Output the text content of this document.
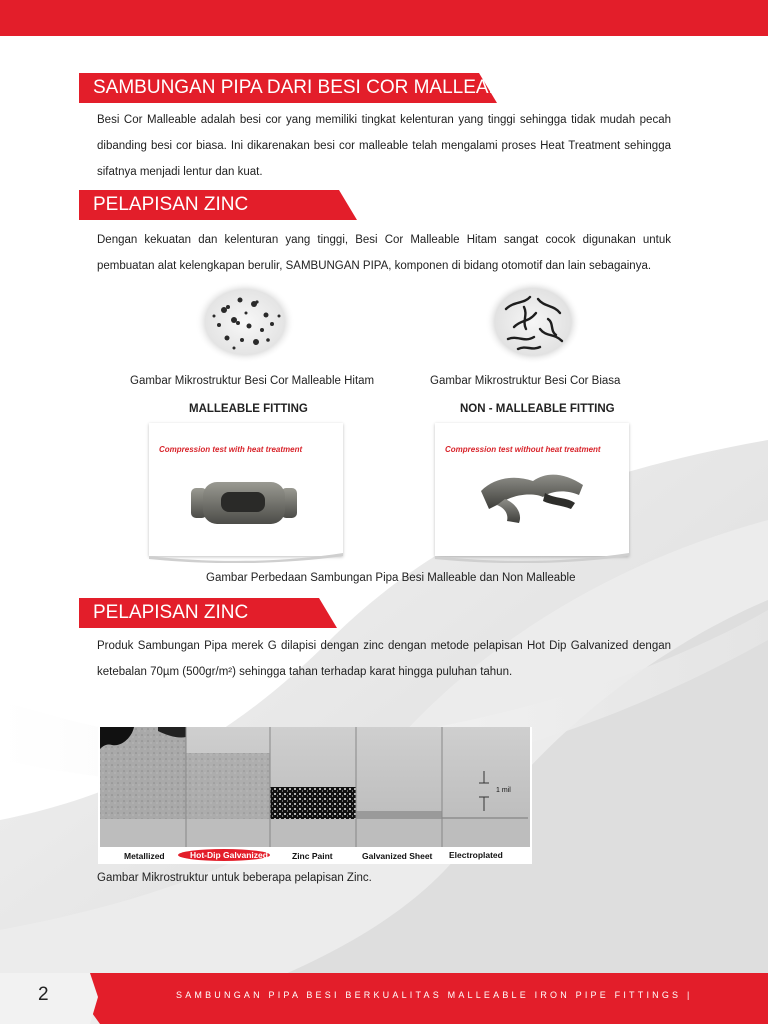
SAMBUNGAN PIPA DARI BESI COR MALLEABLE
Besi Cor Malleable adalah besi cor yang memiliki tingkat kelenturan yang tinggi sehingga tidak mudah pecah dibanding besi cor biasa. Ini dikarenakan besi cor malleable telah mengalami proses Heat Treatment sehingga sifatnya menjadi lentur dan kuat.
PELAPISAN ZINC
Dengan kekuatan dan kelenturan yang tinggi, Besi Cor Malleable Hitam sangat cocok digunakan untuk pembuatan alat kelengkapan berulir, SAMBUNGAN PIPA, komponen di bidang otomotif dan lain sebagainya.
Gambar Mikrostruktur Besi Cor Malleable Hitam	Gambar Mikrostruktur Besi Cor Biasa
MALLEABLE FITTING	NON - MALLEABLE FITTING
Compression test with heat treatment	Compression test without heat treatment
Gambar Perbedaan Sambungan Pipa Besi Malleable dan Non Malleable
PELAPISAN ZINC
Produk Sambungan Pipa merek G dilapisi dengan zinc dengan metode pelapisan Hot Dip Galvanized dengan ketebalan 70µm (500gr/m²) sehingga tahan terhadap karat hingga puluhan tahun.
1 mil
Metallized	Hot-Dip Galvanized	Zinc Paint	Galvanized Sheet Electroplated
Gambar Mikrostruktur untuk beberapa pelapisan Zinc.
2	SAMBUNGAN PIPA BESI BERKUALITAS MALLEABLE IRON PIPE FITTINGS |
